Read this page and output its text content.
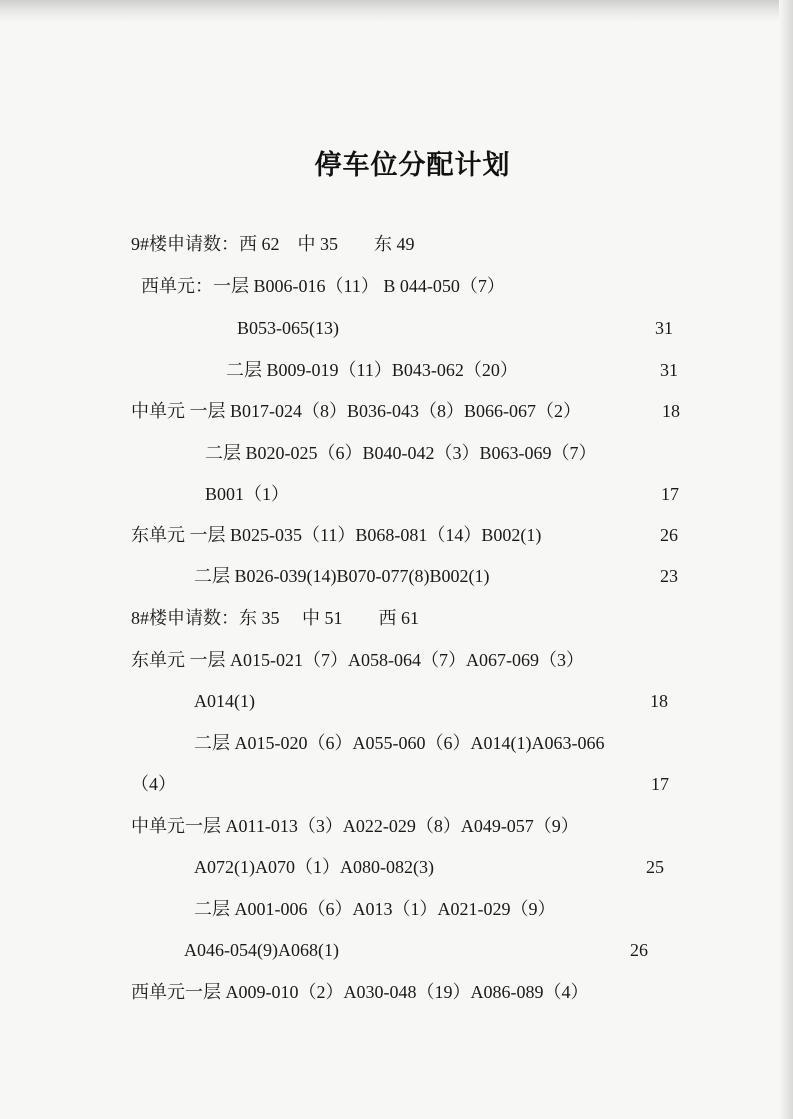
停车位分配计划
9#楼申请数：西 62　中 35　　东 49
西单元：一层 B006-016（11） B 044-050（7）
B053-065(13)	31
二层 B009-019（11）B043-062（20）	31
中单元 一层 B017-024（8）B036-043（8）B066-067（2）	18
二层 B020-025（6）B040-042（3）B063-069（7）
B001（1）	17
东单元 一层 B025-035（11）B068-081（14）B002(1)	26
二层 B026-039(14)B070-077(8)B002(1)	23
8#楼申请数：东 35　 中 51　　西 61
东单元 一层 A015-021（7）A058-064（7）A067-069（3）
A014(1)	18
二层 A015-020（6）A055-060（6）A014(1)A063-066
（4）	17
中单元一层 A011-013（3）A022-029（8）A049-057（9）
A072(1)A070（1）A080-082(3)	25
二层 A001-006（6）A013（1）A021-029（9）
A046-054(9)A068(1)	26
西单元一层 A009-010（2）A030-048（19）A086-089（4）
